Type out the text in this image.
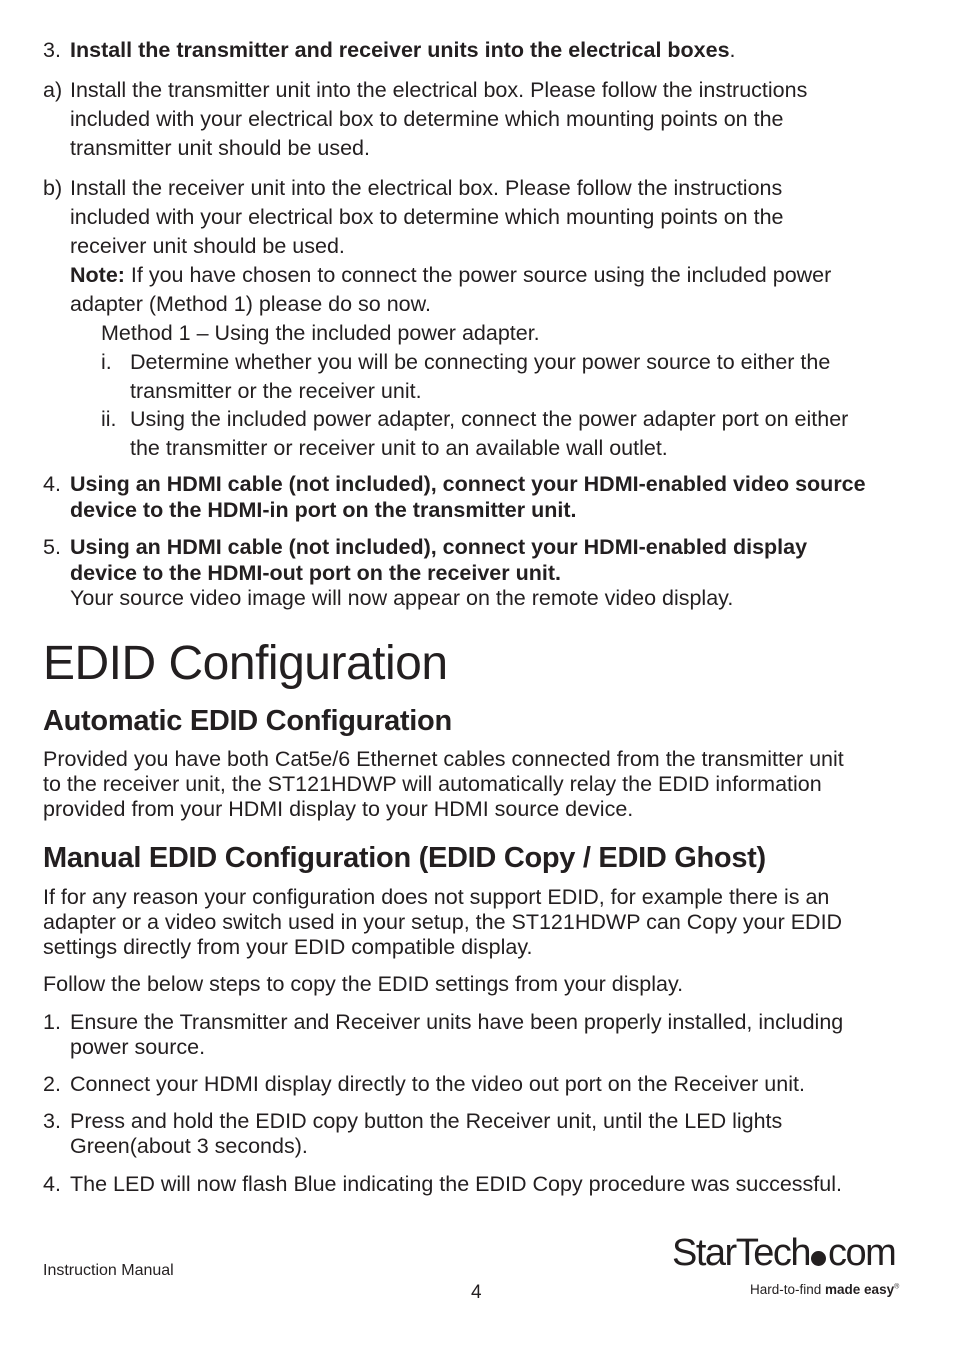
3. Install the transmitter and receiver units into the electrical boxes.

a) Install the transmitter unit into the electrical box. Please follow the instructions

included with your electrical box to determine which mounting points on the

transmitter unit should be used.

b) Install the receiver unit into the electrical box. Please follow the instructions

included with your electrical box to determine which mounting points on the

receiver unit should be used.

Note: If you have chosen to connect the power source using the included power

adapter (Method 1) please do so now.

Method 1 – Using the included power adapter.

i. Determine whether you will be connecting your power source to either the

transmitter or the receiver unit.

ii. Using the included power adapter, connect the power adapter port on either

the transmitter or receiver unit to an available wall outlet.

4. Using an HDMI cable (not included), connect your HDMI-enabled video source

device to the HDMI-in port on the transmitter unit.

5. Using an HDMI cable (not included), connect your HDMI-enabled display

device to the HDMI-out port on the receiver unit.

Your source video image will now appear on the remote video display.

EDID Configuration
Automatic EDID Configuration

Provided you have both Cat5e/6 Ethernet cables connected from the transmitter unit

to the receiver unit, the ST121HDWP will automatically relay the EDID information

provided from your HDMI display to your HDMI source device.

Manual EDID Configuration (EDID Copy / EDID Ghost)

If for any reason your configuration does not support EDID, for example there is an

adapter or a video switch used in your setup, the ST121HDWP can Copy your EDID

settings directly from your EDID compatible display.

Follow the below steps to copy the EDID settings from your display.

1. Ensure the Transmitter and Receiver units have been properly installed, including

power source.

2. Connect your HDMI display directly to the video out port on the Receiver unit.

3. Press and hold the EDID copy button the Receiver unit, until the LED lights

Green(about 3 seconds).

4. The LED will now flash Blue indicating the EDID Copy procedure was successful.

Instruction Manual
4
StarTech com
Hard-to-find made easy®
